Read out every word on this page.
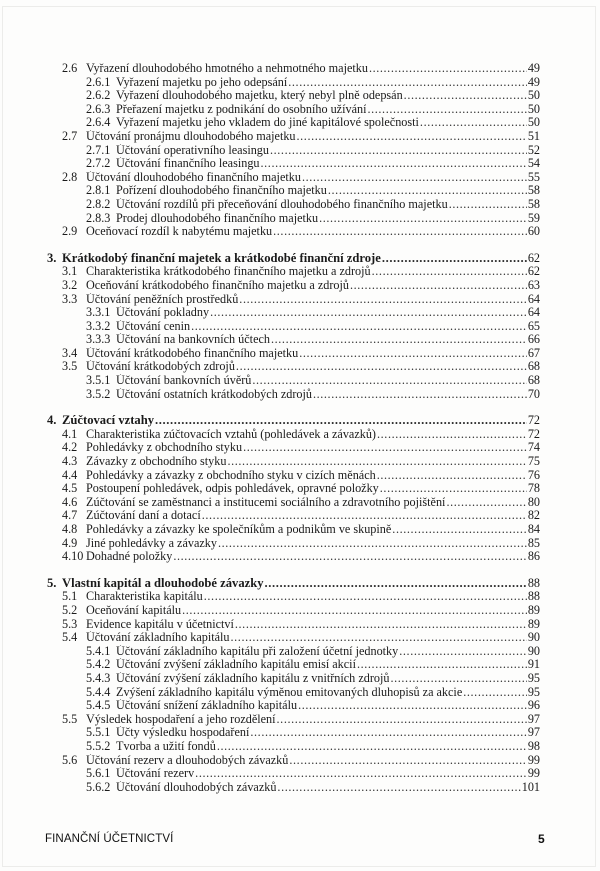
2.6 Vyřazení dlouhodobého hmotného a nehmotného majetku .....	49
2.6.1 Vyřazení majetku po jeho odepsání .....	49
2.6.2 Vyřazení dlouhodobého majetku, který nebyl plně odepsán .....	50
2.6.3 Přeřazení majetku z podnikání do osobního užívání .....	50
2.6.4 Vyřazení majetku jeho vkladem do jiné kapitálové společnosti .....	50
2.7 Účtování pronájmu dlouhodobého majetku .....	51
2.7.1 Účtování operativního leasingu .....	52
2.7.2 Účtování finančního leasingu .....	54
2.8 Účtování dlouhodobého finančního majetku .....	55
2.8.1 Pořízení dlouhodobého finančního majetku .....	58
2.8.2 Účtování rozdílů při přeceňování dlouhodobého finančního majetku .....	58
2.8.3 Prodej dlouhodobého finančního majetku .....	59
2.9 Oceňovací rozdíl k nabytému majetku .....	60
3. Krátkodobý finanční majetek a krátkodobé finanční zdroje .....	62
3.1 Charakteristika krátkodobého finančního majetku a zdrojů .....	62
3.2 Oceňování krátkodobého finančního majetku a zdrojů .....	63
3.3 Účtování peněžních prostředků .....	64
3.3.1 Účtování pokladny .....	64
3.3.2 Účtování cenin .....	65
3.3.3 Účtování na bankovních účtech .....	66
3.4 Účtování krátkodobého finančního majetku .....	67
3.5 Účtování krátkodobých zdrojů .....	68
3.5.1 Účtování bankovních úvěrů .....	68
3.5.2 Účtování ostatních krátkodobých zdrojů .....	70
4. Zúčtovací vztahy .....	72
4.1 Charakteristika zúčtovacích vztahů (pohledávek a závazků) .....	72
4.2 Pohledávky z obchodního styku .....	74
4.3 Závazky z obchodního styku .....	75
4.4 Pohledávky a závazky z obchodního styku v cizích měnách .....	76
4.5 Postoupení pohledávek, odpis pohledávek, opravné položky .....	78
4.6 Zúčtování se zaměstnanci a institucemi sociálního a zdravotního pojištění .....	80
4.7 Zúčtování daní a dotací .....	82
4.8 Pohledávky a závazky ke společníkům a podnikům ve skupině .....	84
4.9 Jiné pohledávky a závazky .....	85
4.10 Dohadné položky .....	86
5. Vlastní kapitál a dlouhodobé závazky .....	88
5.1 Charakteristika kapitálu .....	88
5.2 Oceňování kapitálu .....	89
5.3 Evidence kapitálu v účetnictví .....	89
5.4 Účtování základního kapitálu .....	90
5.4.1 Účtování základního kapitálu při založení účetní jednotky .....	90
5.4.2 Účtování zvýšení základního kapitálu emisí akcií .....	91
5.4.3 Účtování zvýšení základního kapitálu z vnitřních zdrojů .....	95
5.4.4 Zvýšení základního kapitálu výměnou emitovaných dluhopisů za akcie .....	95
5.4.5 Účtování snížení základního kapitálu .....	96
5.5 Výsledek hospodaření a jeho rozdělení .....	97
5.5.1 Účty výsledku hospodaření .....	97
5.5.2 Tvorba a užití fondů .....	98
5.6 Účtování rezerv a dlouhodobých závazků .....	99
5.6.1 Účtování rezerv .....	99
5.6.2 Účtování dlouhodobých závazků .....	101
FINANČNÍ ÚČETNICTVÍ	5
